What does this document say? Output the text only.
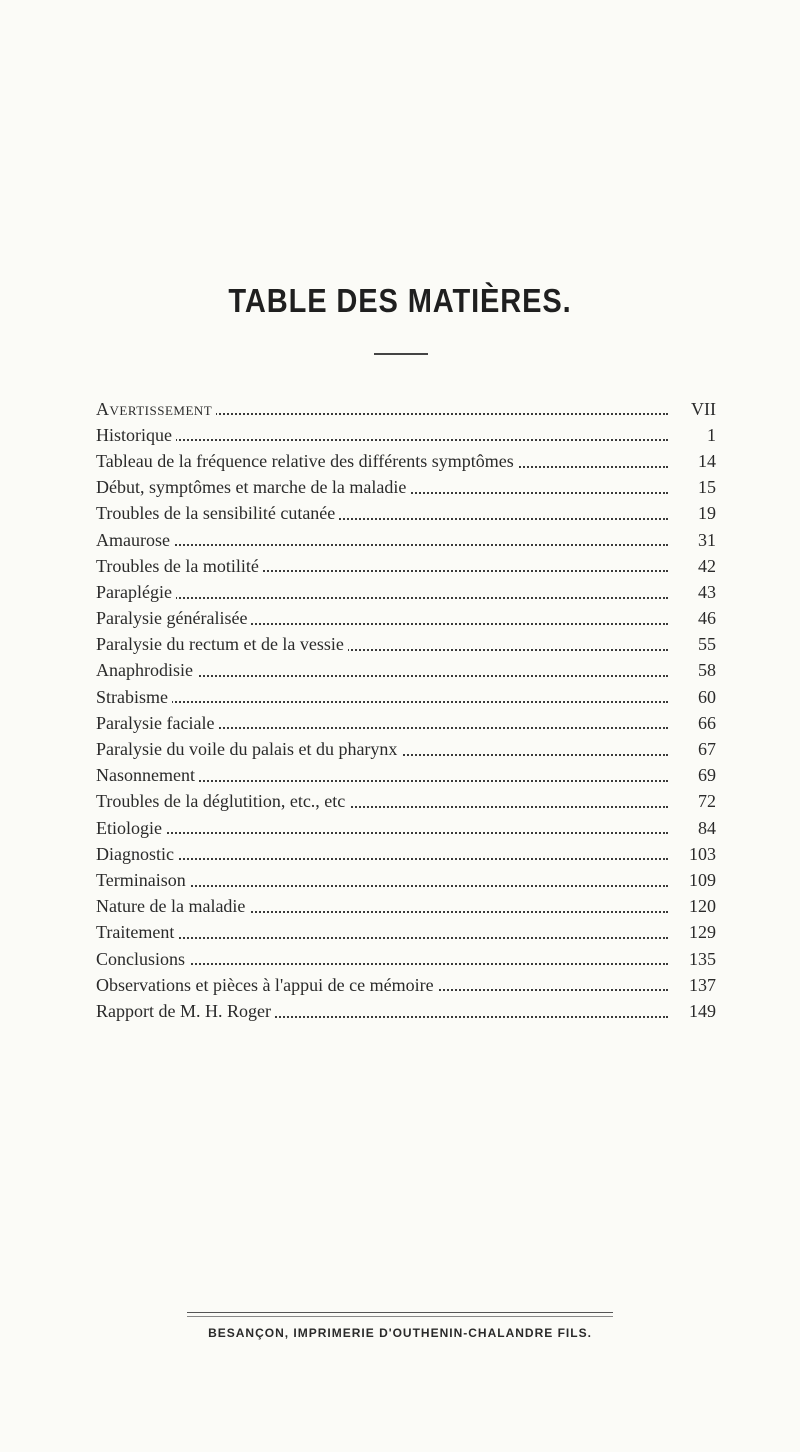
TABLE DES MATIÈRES.
Avertissement	VII
Historique	1
Tableau de la fréquence relative des différents symptômes	14
Début, symptômes et marche de la maladie	15
Troubles de la sensibilité cutanée	19
Amaurose	31
Troubles de la motilité	42
Paraplégie	43
Paralysie généralisée	46
Paralysie du rectum et de la vessie	55
Anaphrodisie	58
Strabisme	60
Paralysie faciale	66
Paralysie du voile du palais et du pharynx	67
Nasonnement	69
Troubles de la déglutition, etc., etc	72
Etiologie	84
Diagnostic	103
Terminaison	109
Nature de la maladie	120
Traitement	129
Conclusions	135
Observations et pièces à l'appui de ce mémoire	137
Rapport de M. H. Roger	149
BESANÇON, IMPRIMERIE D'OUTHENIN-CHALANDRE FILS.
